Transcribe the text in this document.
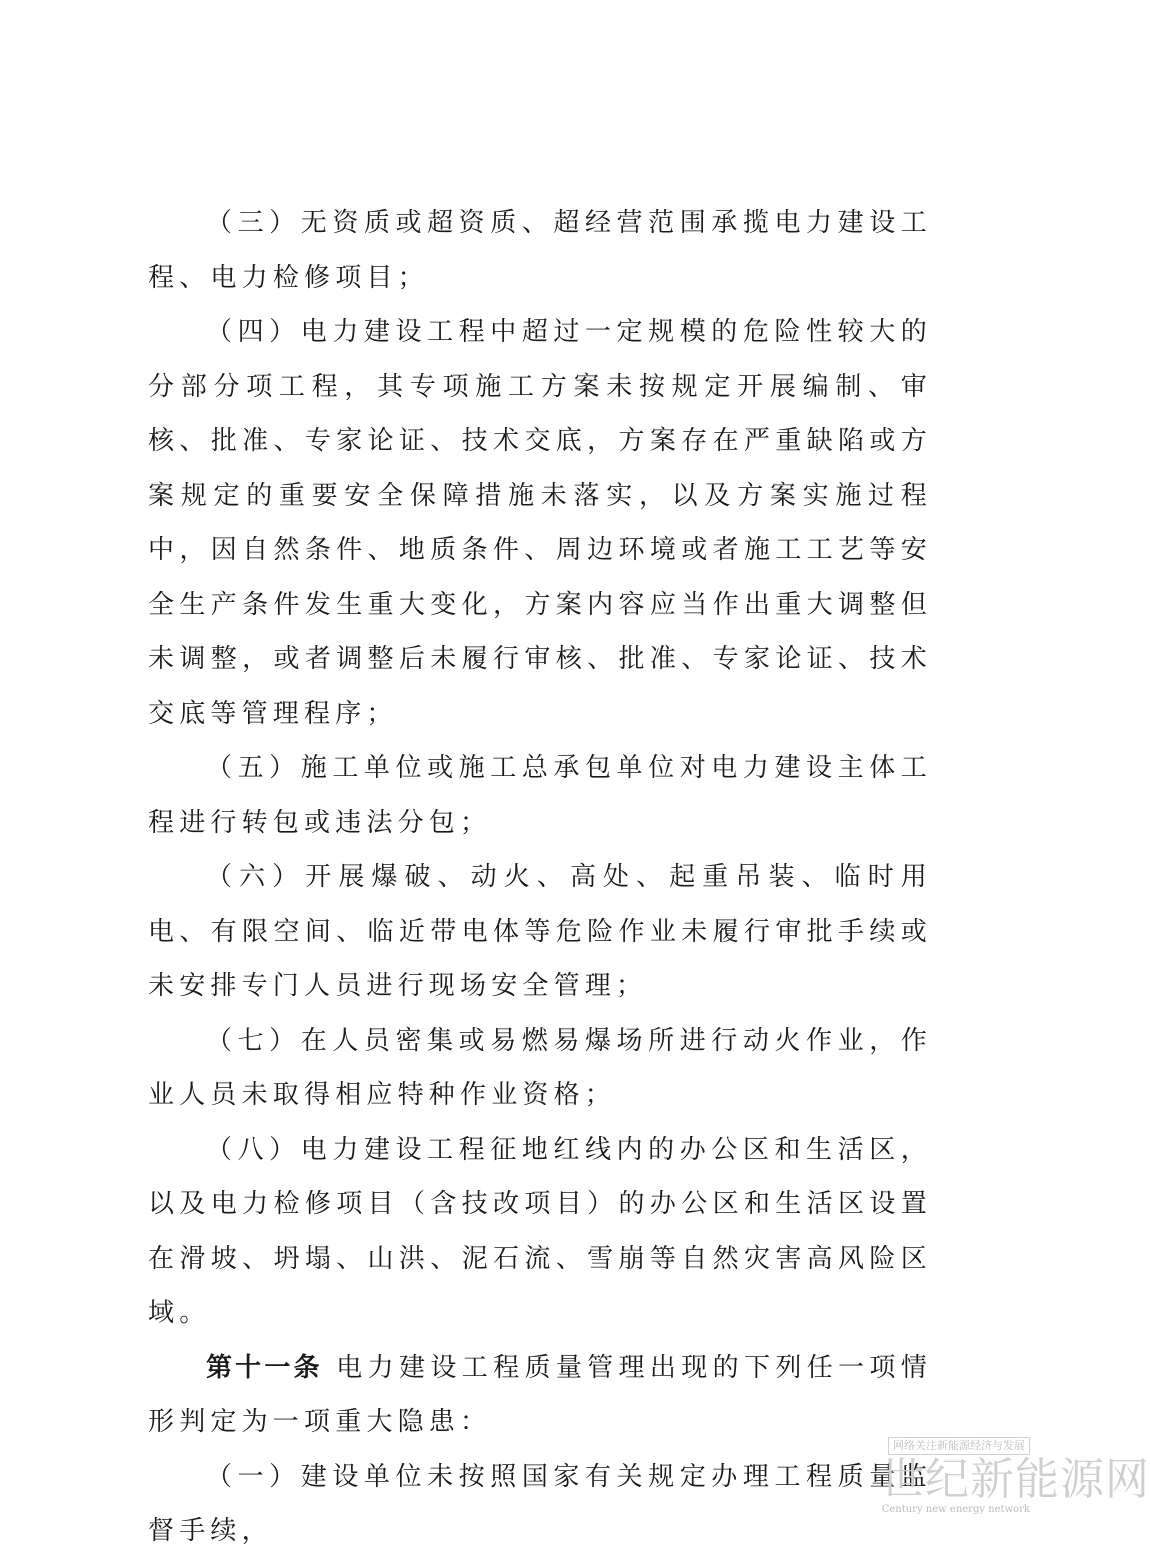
（三）无资质或超资质、超经营范围承揽电力建设工程、电力检修项目；

（四）电力建设工程中超过一定规模的危险性较大的分部分项工程，其专项施工方案未按规定开展编制、审核、批准、专家论证、技术交底，方案存在严重缺陷或方案规定的重要安全保障措施未落实，以及方案实施过程中，因自然条件、地质条件、周边环境或者施工工艺等安全生产条件发生重大变化，方案内容应当作出重大调整但未调整，或者调整后未履行审核、批准、专家论证、技术交底等管理程序；

（五）施工单位或施工总承包单位对电力建设主体工程进行转包或违法分包；

（六）开展爆破、动火、高处、起重吊装、临时用电、有限空间、临近带电体等危险作业未履行审批手续或未安排专门人员进行现场安全管理；

（七）在人员密集或易燃易爆场所进行动火作业，作业人员未取得相应特种作业资格；

（八）电力建设工程征地红线内的办公区和生活区，以及电力检修项目（含技改项目）的办公区和生活区设置在滑坡、坍塌、山洪、泥石流、雪崩等自然灾害高风险区域。

第十一条 电力建设工程质量管理出现的下列任一项情形判定为一项重大隐患：

（一）建设单位未按照国家有关规定办理工程质量监督手续，

网络关注新能源经济与发展
世纪新能源网
Century new energy network
